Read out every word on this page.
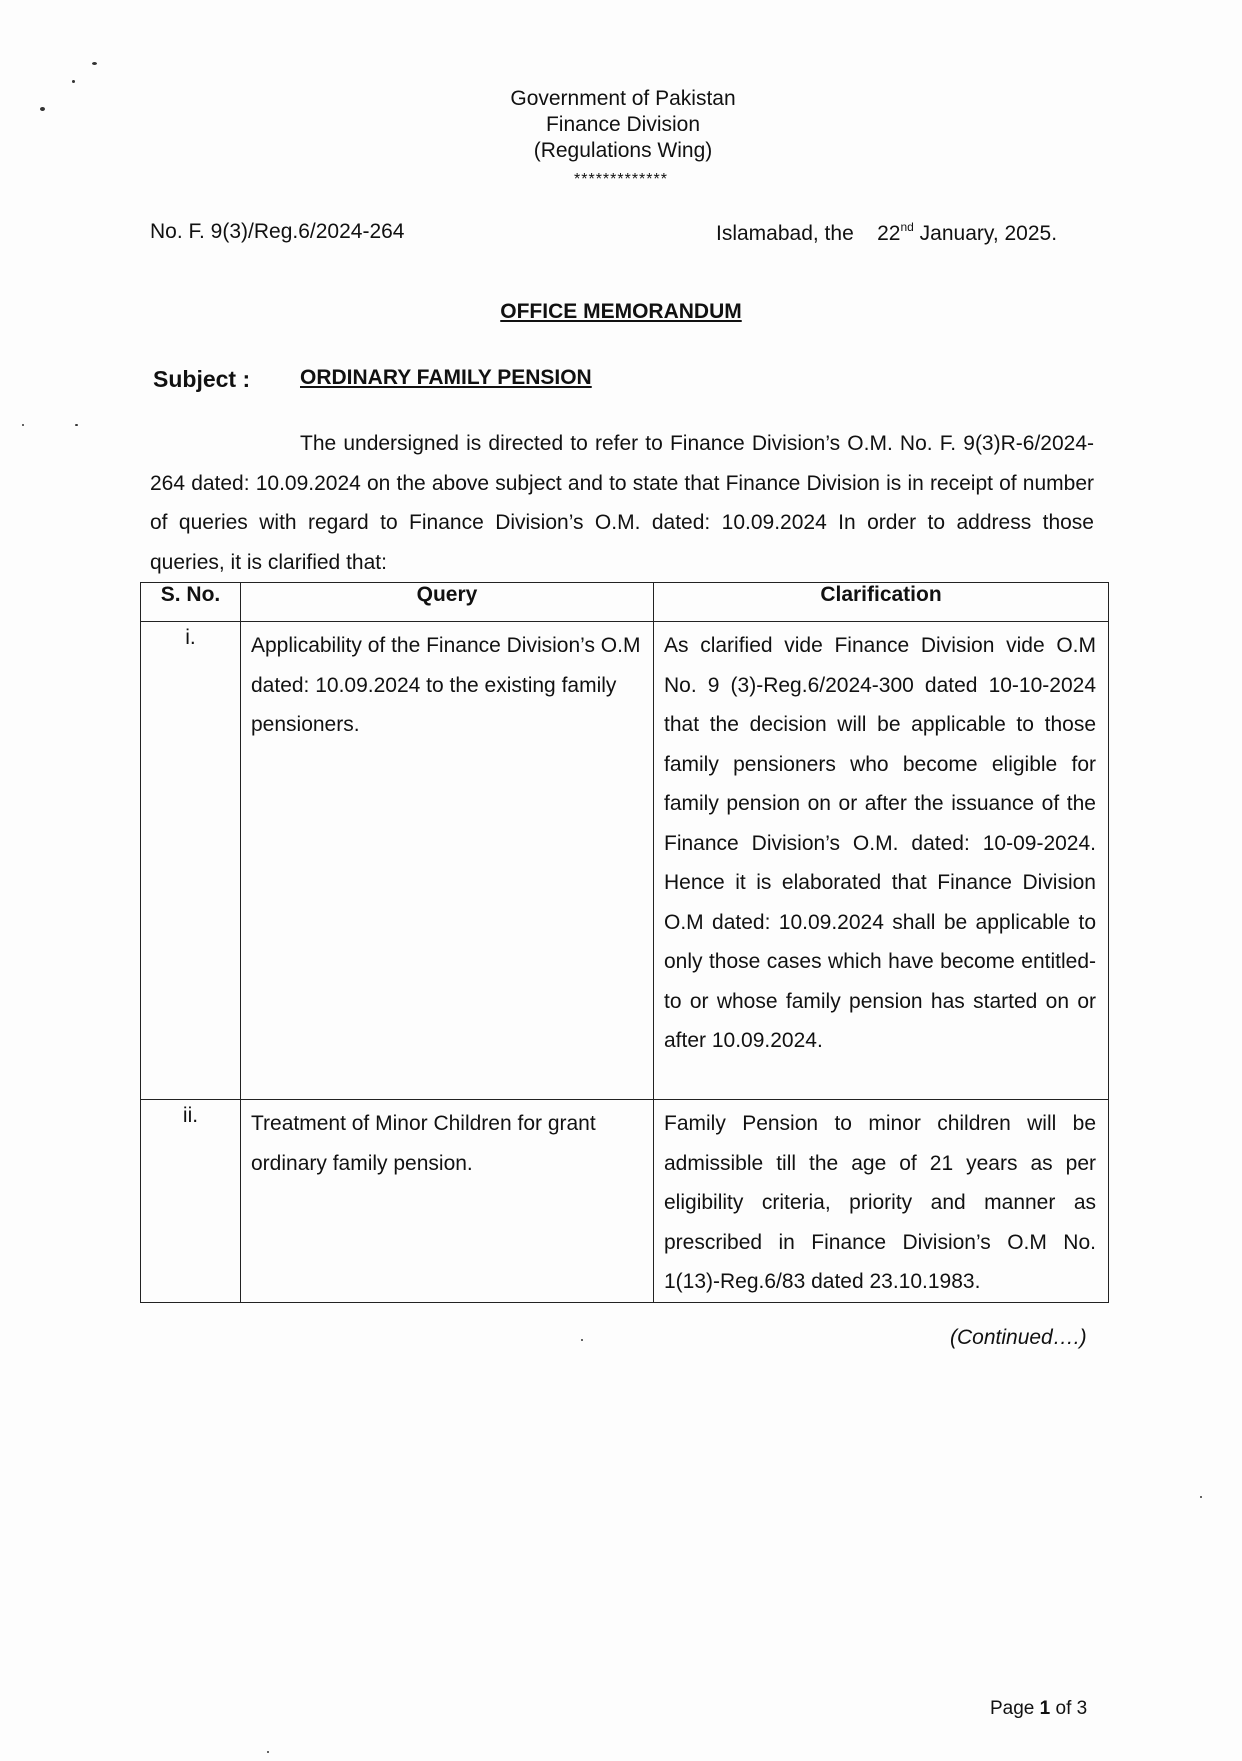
Government of Pakistan
Finance Division
(Regulations Wing)
*************
No. F. 9(3)/Reg.6/2024-264	Islamabad, the 22nd January, 2025.
OFFICE MEMORANDUM
Subject : ORDINARY FAMILY PENSION
The undersigned is directed to refer to Finance Division’s O.M. No. F. 9(3)R-6/2024-264 dated: 10.09.2024 on the above subject and to state that Finance Division is in receipt of number of queries with regard to Finance Division’s O.M. dated: 10.09.2024 In order to address those queries, it is clarified that:
S. No.	Query	Clarification
i.	Applicability of the Finance Division’s O.M dated: 10.09.2024 to the existing family pensioners.	As clarified vide Finance Division vide O.M No. 9 (3)-Reg.6/2024-300 dated 10-10-2024 that the decision will be applicable to those family pensioners who become eligible for family pension on or after the issuance of the Finance Division’s O.M. dated: 10-09-2024. Hence it is elaborated that Finance Division O.M dated: 10.09.2024 shall be applicable to only those cases which have become entitled-to or whose family pension has started on or after 10.09.2024.
ii.	Treatment of Minor Children for grant ordinary family pension.	Family Pension to minor children will be admissible till the age of 21 years as per eligibility criteria, priority and manner as prescribed in Finance Division’s O.M No. 1(13)-Reg.6/83 dated 23.10.1983.
(Continued….)
Page 1 of 3
